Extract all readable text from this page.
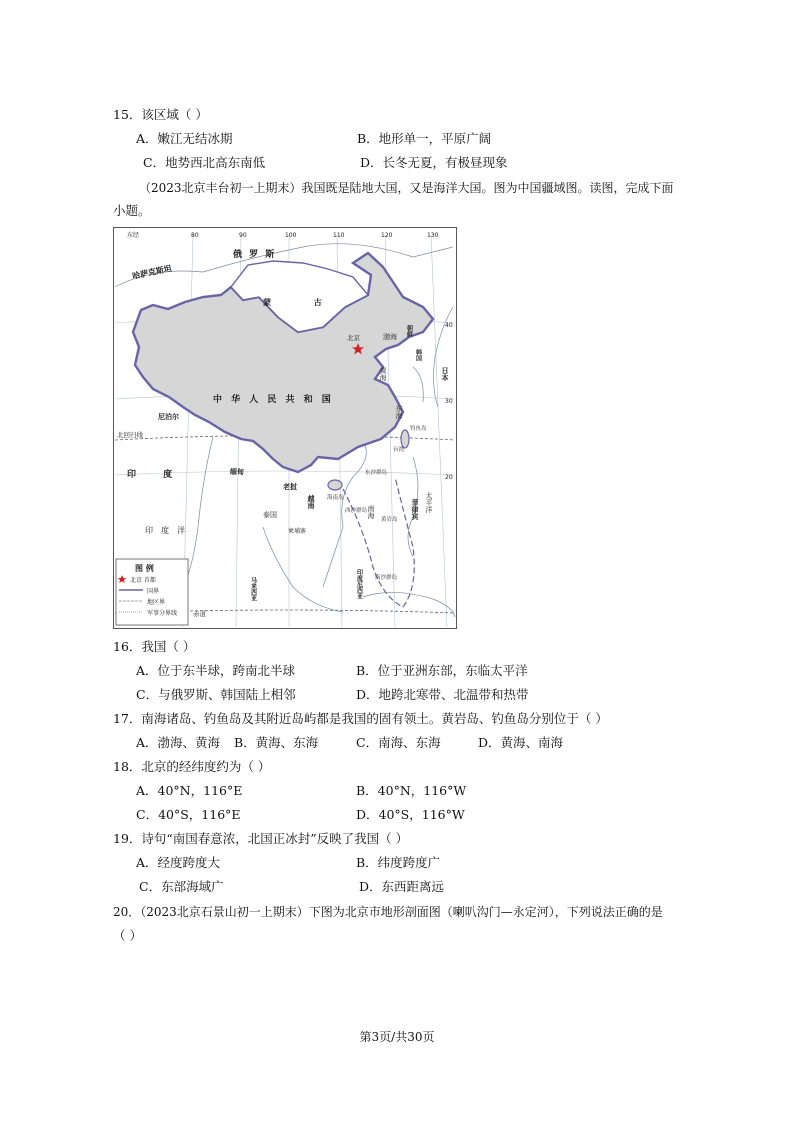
15．该区域（ ）
A．嫩江无结冰期	B．地形单一，平原广阔
C．地势西北高东南低	D．长冬无夏，有极昼现象
（2023北京丰台初一上期末）我国既是陆地大国，又是海洋大国。图为中国疆域图。读图，完成下面
小题。
东经	80	90	100	110	120	130
40
30
20
俄 罗 斯
蒙 古
哈萨克斯坦
中 华 人 民 共 和 国
印 度
尼泊尔
缅甸
老挝
泰国
越南
柬埔寨
菲律宾
日本
韩国
朝鲜
马来西亚	印度尼西亚
渤海
黄海
东海
南海	太平洋
印度洋
北京
钓鱼岛
台湾
黄岩岛
东沙群岛
西沙群岛
南沙群岛
海南岛
北回归线
赤道
图 例
北京 首都
国界
地区界
军事分界线
16．我国（ ）
A．位于东半球，跨南北半球	B．位于亚洲东部，东临太平洋
C．与俄罗斯、韩国陆上相邻	D．地跨北寒带、北温带和热带
17．南海诸岛、钓鱼岛及其附近岛屿都是我国的固有领土。黄岩岛、钓鱼岛分别位于（ ）
A．渤海、黄海 B．黄海、东海	C．南海、东海	D．黄海、南海
18．北京的经纬度约为（ ）
A．40°N，116°E	B．40°N，116°W
C．40°S，116°E	D．40°S，116°W
19．诗句“南国春意浓，北国正冰封”反映了我国（ ）
A．经度跨度大	B．纬度跨度广
C．东部海域广	D．东西距离远
20．（2023北京石景山初一上期末）下图为北京市地形剖面图（喇叭沟门—永定河），下列说法正确的是
（ ）
第3页/共30页
